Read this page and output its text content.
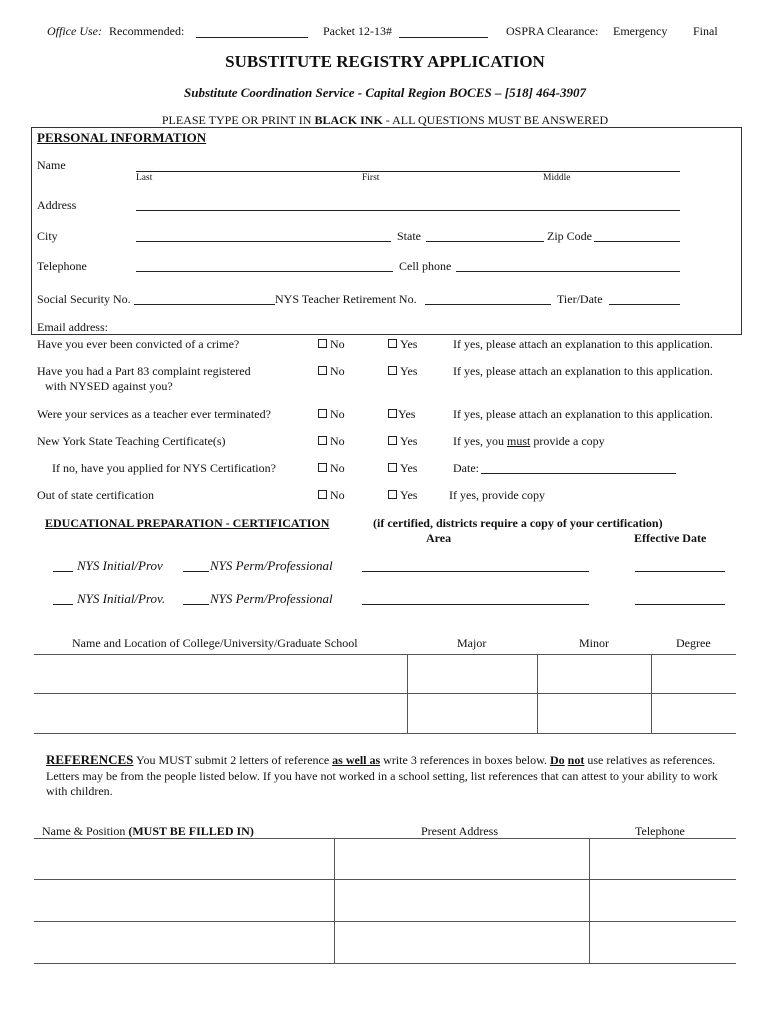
Office Use: Recommended:	Packet 12-13#	OSPRA Clearance: Emergency Final
SUBSTITUTE REGISTRY APPLICATION
Substitute Coordination Service - Capital Region BOCES – [518] 464-3907
PLEASE TYPE OR PRINT IN BLACK INK - ALL QUESTIONS MUST BE ANSWERED
PERSONAL INFORMATION
Name
Last	First	Middle
Address
City	State	Zip Code
Telephone	Cell phone
Social Security No.	NYS Teacher Retirement No.	Tier/Date
Email address:
Have you ever been convicted of a crime?	No	Yes	If yes, please attach an explanation to this application.
Have you had a Part 83 complaint registered
with NYSED against you?
No	Yes	If yes, please attach an explanation to this application.
Were your services as a teacher ever terminated?	No	Yes	If yes, please attach an explanation to this application.
New York State Teaching Certificate(s)	No	Yes	If yes, you must provide a copy
If no, have you applied for NYS Certification?	No	Yes	Date:
Out of state certification	No	Yes	If yes, provide copy
EDUCATIONAL PREPARATION - CERTIFICATION	(if certified, districts require a copy of your certification)
Area	Effective Date
NYS Initial/Prov	NYS Perm/Professional
NYS Initial/Prov.	NYS Perm/Professional
Name and Location of College/University/Graduate School	Major	Minor	Degree
REFERENCES You MUST submit 2 letters of reference as well as write 3 references in boxes below. Do not use relatives as references. Letters may be from the people listed below. If you have not worked in a school setting, list references that can attest to your ability to work with children.
Name & Position (MUST BE FILLED IN)	Present Address	Telephone
